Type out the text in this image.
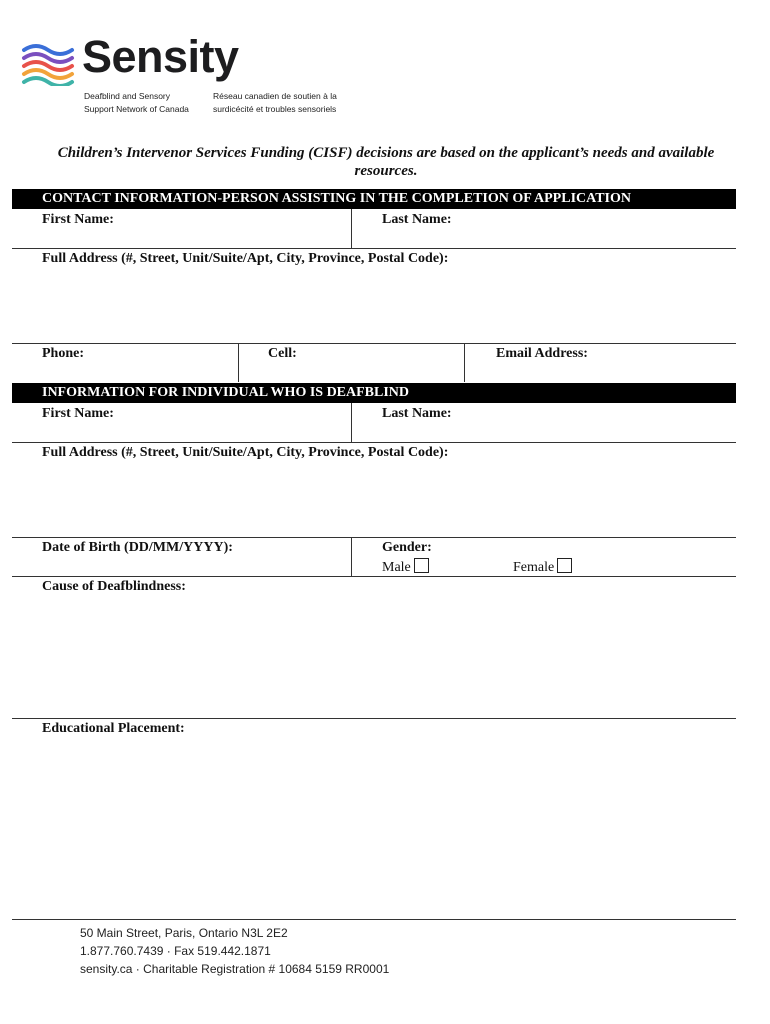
Sensity
Deafblind and Sensory
Support Network of Canada
Réseau canadien de soutien à la
surdicécité et troubles sensoriels
Children’s Intervenor Services Funding (CISF) decisions are based on the applicant’s needs and available resources.
CONTACT INFORMATION-PERSON ASSISTING IN THE COMPLETION OF APPLICATION
First Name:	Last Name:
Full Address (#, Street, Unit/Suite/Apt, City, Province, Postal Code):
Phone:	Cell:	Email Address:
INFORMATION FOR INDIVIDUAL WHO IS DEAFBLIND
First Name:	Last Name:
Full Address (#, Street, Unit/Suite/Apt, City, Province, Postal Code):
Date of Birth (DD/MM/YYYY):	Gender:
Male	Female
Cause of Deafblindness:
Educational Placement:
50 Main Street, Paris, Ontario N3L 2E2
1.877.760.7439 · Fax 519.442.1871
sensity.ca · Charitable Registration # 10684 5159 RR0001
